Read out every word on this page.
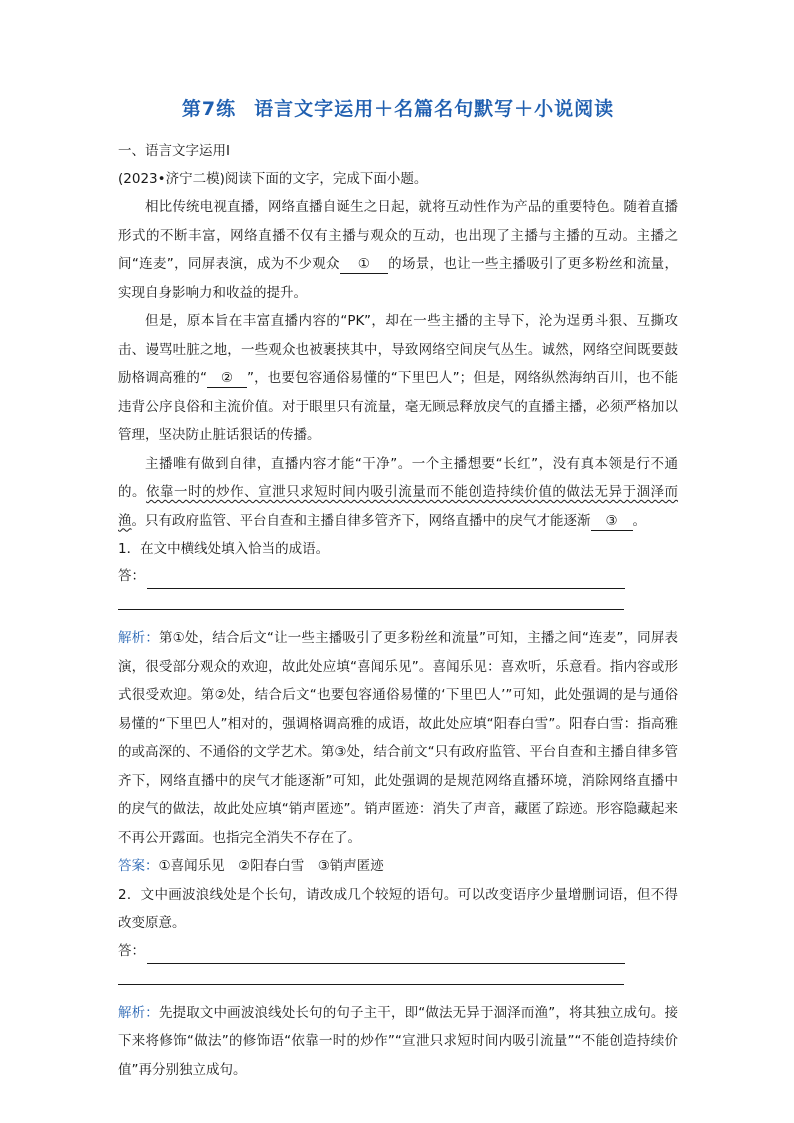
第7练 语言文字运用＋名篇名句默写＋小说阅读

一、语言文字运用Ⅰ

(2023•济宁二模)阅读下面的文字，完成下面小题。

相比传统电视直播，网络直播自诞生之日起，就将互动性作为产品的重要特色。随着直播形式的不断丰富，网络直播不仅有主播与观众的互动，也出现了主播与主播的互动。主播之间“连麦”，同屏表演，成为不少观众 ① 的场景，也让一些主播吸引了更多粉丝和流量，实现自身影响力和收益的提升。

但是，原本旨在丰富直播内容的“PK”，却在一些主播的主导下，沦为逞勇斗狠、互撕攻击、谩骂吐脏之地，一些观众也被裹挟其中，导致网络空间戾气丛生。诚然，网络空间既要鼓励格调高雅的“ ② ”，也要包容通俗易懂的“下里巴人”；但是，网络纵然海纳百川，也不能违背公序良俗和主流价值。对于眼里只有流量，毫无顾忌释放戾气的直播主播，必须严格加以管理，坚决防止脏话狠话的传播。

主播唯有做到自律，直播内容才能“干净”。一个主播想要“长红”，没有真本领是行不通的。依靠一时的炒作、宣泄只求短时间内吸引流量而不能创造持续价值的做法无异于涸泽而渔。只有政府监管、平台自查和主播自律多管齐下，网络直播中的戾气才能逐渐 ③ 。

1．在文中横线处填入恰当的成语。

答：

解析：第①处，结合后文“让一些主播吸引了更多粉丝和流量”可知，主播之间“连麦”，同屏表演，很受部分观众的欢迎，故此处应填“喜闻乐见”。喜闻乐见：喜欢听，乐意看。指内容或形式很受欢迎。第②处，结合后文“也要包容通俗易懂的‘下里巴人’”可知，此处强调的是与通俗易懂的“下里巴人”相对的，强调格调高雅的成语，故此处应填“阳春白雪”。阳春白雪：指高雅的或高深的、不通俗的文学艺术。第③处，结合前文“只有政府监管、平台自查和主播自律多管齐下，网络直播中的戾气才能逐渐”可知，此处强调的是规范网络直播环境，消除网络直播中的戾气的做法，故此处应填“销声匿迹”。销声匿迹：消失了声音，藏匿了踪迹。形容隐藏起来不再公开露面。也指完全消失不存在了。

答案：①喜闻乐见　②阳春白雪　③销声匿迹

2．文中画波浪线处是个长句，请改成几个较短的语句。可以改变语序少量增删词语，但不得改变原意。

答：

解析：先提取文中画波浪线处长句的句子主干，即“做法无异于涸泽而渔”，将其独立成句。接下来将修饰“做法”的修饰语“依靠一时的炒作”“宣泄只求短时间内吸引流量”“不能创造持续价值”再分别独立成句。
